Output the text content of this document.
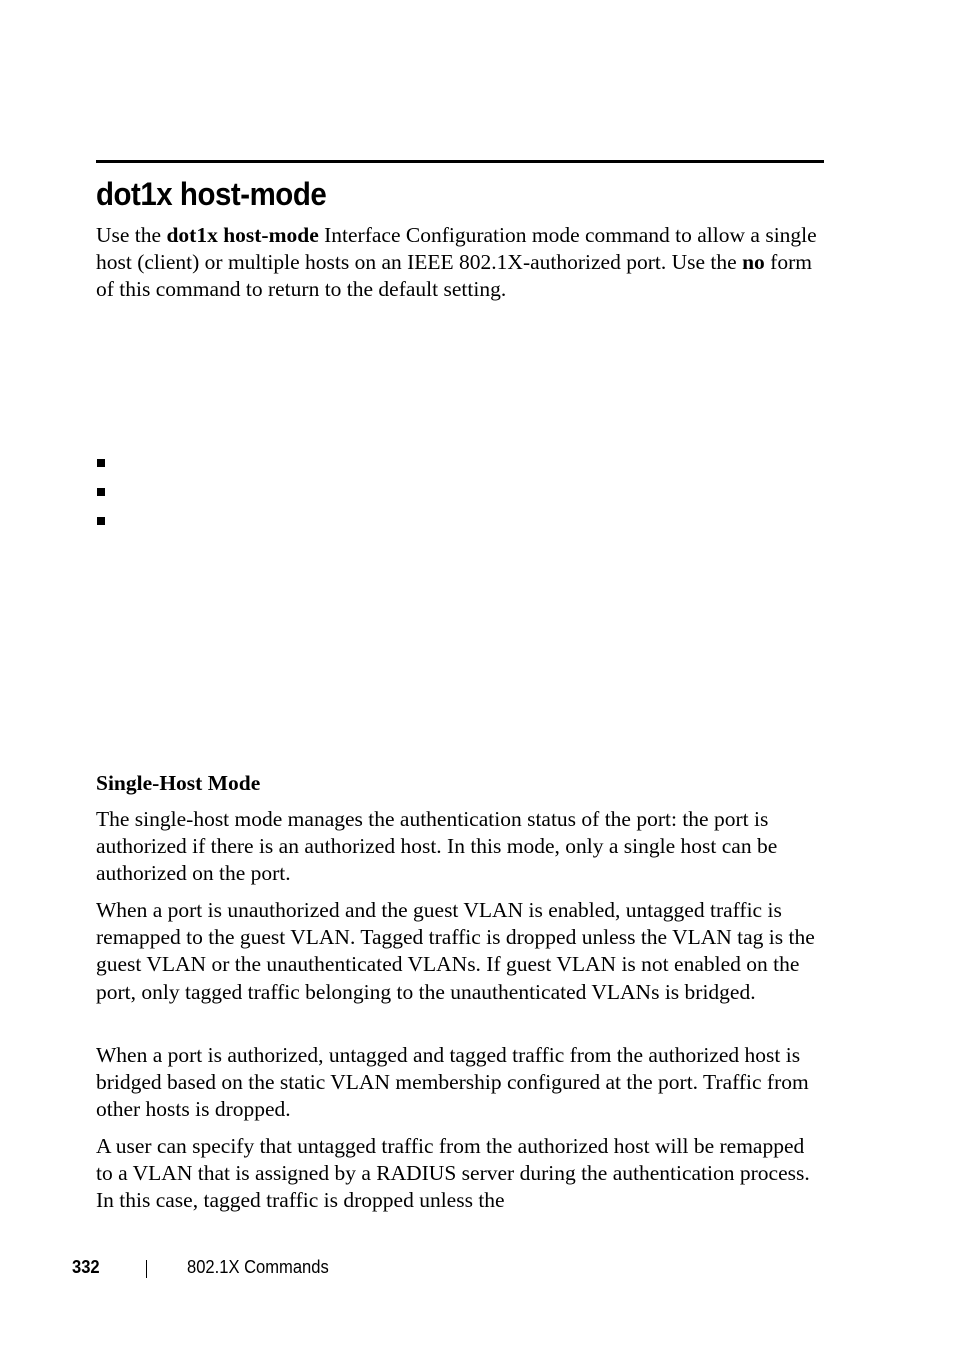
dot1x host-mode

Use the dot1x host-mode Interface Configuration mode command to allow a single host (client) or multiple hosts on an IEEE 802.1X-authorized port. Use the no form of this command to return to the default setting.

Single-Host Mode

The single-host mode manages the authentication status of the port: the port is authorized if there is an authorized host. In this mode, only a single host can be authorized on the port.

When a port is unauthorized and the guest VLAN is enabled, untagged traffic is remapped to the guest VLAN. Tagged traffic is dropped unless the VLAN tag is the guest VLAN or the unauthenticated VLANs. If guest VLAN is not enabled on the port, only tagged traffic belonging to the unauthenticated VLANs is bridged.

When a port is authorized, untagged and tagged traffic from the authorized host is bridged based on the static VLAN membership configured at the port. Traffic from other hosts is dropped.

A user can specify that untagged traffic from the authorized host will be remapped to a VLAN that is assigned by a RADIUS server during the authentication process. In this case, tagged traffic is dropped unless the

332	802.1X Commands
